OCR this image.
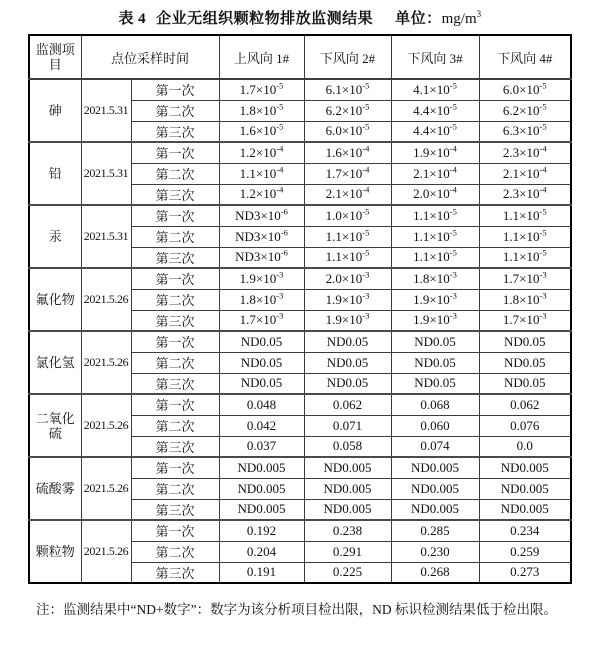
表 4 企业无组织颗粒物排放监测结果 单位：$mg/m^3$
监测项目	点位采样时间		上风向 1#	下风向 2#	下风向 3#	下风向 4#
砷	2021.5.31	第一次	$1.7\times 10^{-5}$	$6.1\times 10^{-5}$	$4.1\times 10^{-5}$	$6.0\times 10^{-5}$
		第二次	$1.8\times 10^{-5}$	$6.2\times 10^{-5}$	$4.4\times 10^{-5}$	$6.2\times 10^{-5}$
		第三次	$1.6\times 10^{-5}$	$6.0\times 10^{-5}$	$4.4\times 10^{-5}$	$6.3\times 10^{-5}$
铅	2021.5.31	第一次	$1.2\times 10^{-4}$	$1.6\times 10^{-4}$	$1.9\times 10^{-4}$	$2.3\times 10^{-4}$
		第二次	$1.1\times 10^{-4}$	$1.7\times 10^{-4}$	$2.1\times 10^{-4}$	$2.1\times 10^{-4}$
		第三次	$1.2\times 10^{-4}$	$2.1\times 10^{-4}$	$2.0\times 10^{-4}$	$2.3\times 10^{-4}$
汞	2021.5.31	第一次	$ND3\times 10^{-6}$	$1.0\times 10^{-5}$	$1.1\times 10^{-5}$	$1.1\times 10^{-5}$
		第二次	$ND3\times 10^{-6}$	$1.1\times 10^{-5}$	$1.1\times 10^{-5}$	$1.1\times 10^{-5}$
		第三次	$ND3\times 10^{-6}$	$1.1\times 10^{-5}$	$1.1\times 10^{-5}$	$1.1\times 10^{-5}$
氟化物	2021.5.26	第一次	$1.9\times 10^{-3}$	$2.0\times 10^{-3}$	$1.8\times 10^{-3}$	$1.7\times 10^{-3}$
		第二次	$1.8\times 10^{-3}$	$1.9\times 10^{-3}$	$1.9\times 10^{-3}$	$1.8\times 10^{-3}$
		第三次	$1.7\times 10^{-3}$	$1.9\times 10^{-3}$	$1.9\times 10^{-3}$	$1.7\times 10^{-3}$
氯化氢	2021.5.26	第一次	ND0.05	ND0.05	ND0.05	ND0.05
		第二次	ND0.05	ND0.05	ND0.05	ND0.05
		第三次	ND0.05	ND0.05	ND0.05	ND0.05
二氧化硫	2021.5.26	第一次	0.048	0.062	0.068	0.062
		第二次	0.042	0.071	0.060	0.076
		第三次	0.037	0.058	0.074	0.0
硫酸雾	2021.5.26	第一次	ND0.005	ND0.005	ND0.005	ND0.005
		第二次	ND0.005	ND0.005	ND0.005	ND0.005
		第三次	ND0.005	ND0.005	ND0.005	ND0.005
颗粒物	2021.5.26	第一次	0.192	0.238	0.285	0.234
		第二次	0.204	0.291	0.230	0.259
		第三次	0.191	0.225	0.268	0.273

注：监测结果中“ND+数字”：数字为该分析项目检出限，ND 标识检测结果低于检出限。
